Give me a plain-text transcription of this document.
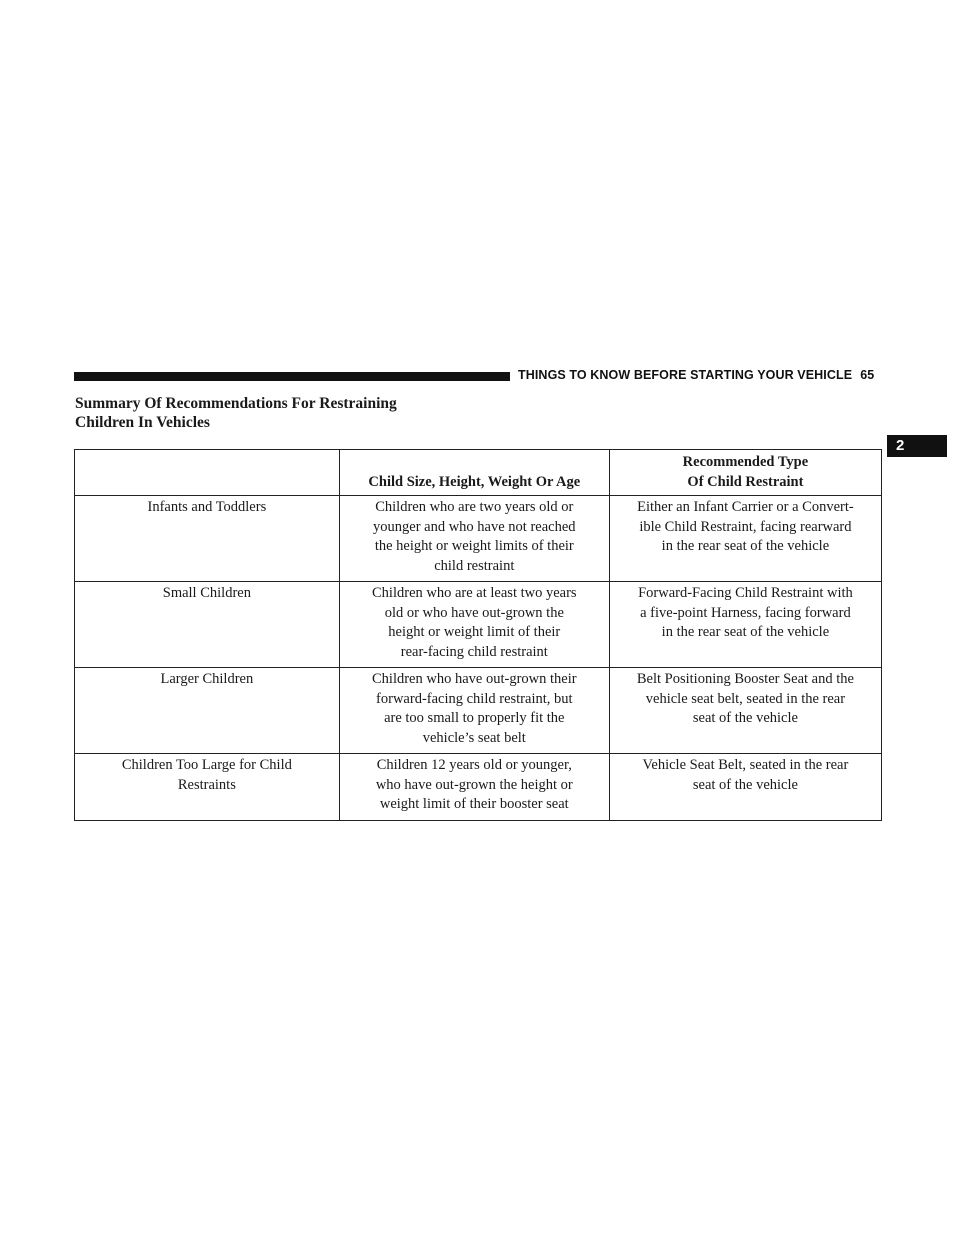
THINGS TO KNOW BEFORE STARTING YOUR VEHICLE 65
2
Summary Of Recommendations For Restraining
Children In Vehicles

	Child Size, Height, Weight Or Age	Recommended Type
Of Child Restraint

Infants and Toddlers	Children who are two years old or
younger and who have not reached
the height or weight limits of their
child restraint	Either an Infant Carrier or a Convert-
ible Child Restraint, facing rearward
in the rear seat of the vehicle

Small Children	Children who are at least two years
old or who have out-grown the
height or weight limit of their
rear-facing child restraint	Forward-Facing Child Restraint with
a five-point Harness, facing forward
in the rear seat of the vehicle

Larger Children	Children who have out-grown their
forward-facing child restraint, but
are too small to properly fit the
vehicle’s seat belt	Belt Positioning Booster Seat and the
vehicle seat belt, seated in the rear
seat of the vehicle

Children Too Large for Child
Restraints	Children 12 years old or younger,
who have out-grown the height or
weight limit of their booster seat	Vehicle Seat Belt, seated in the rear
seat of the vehicle
